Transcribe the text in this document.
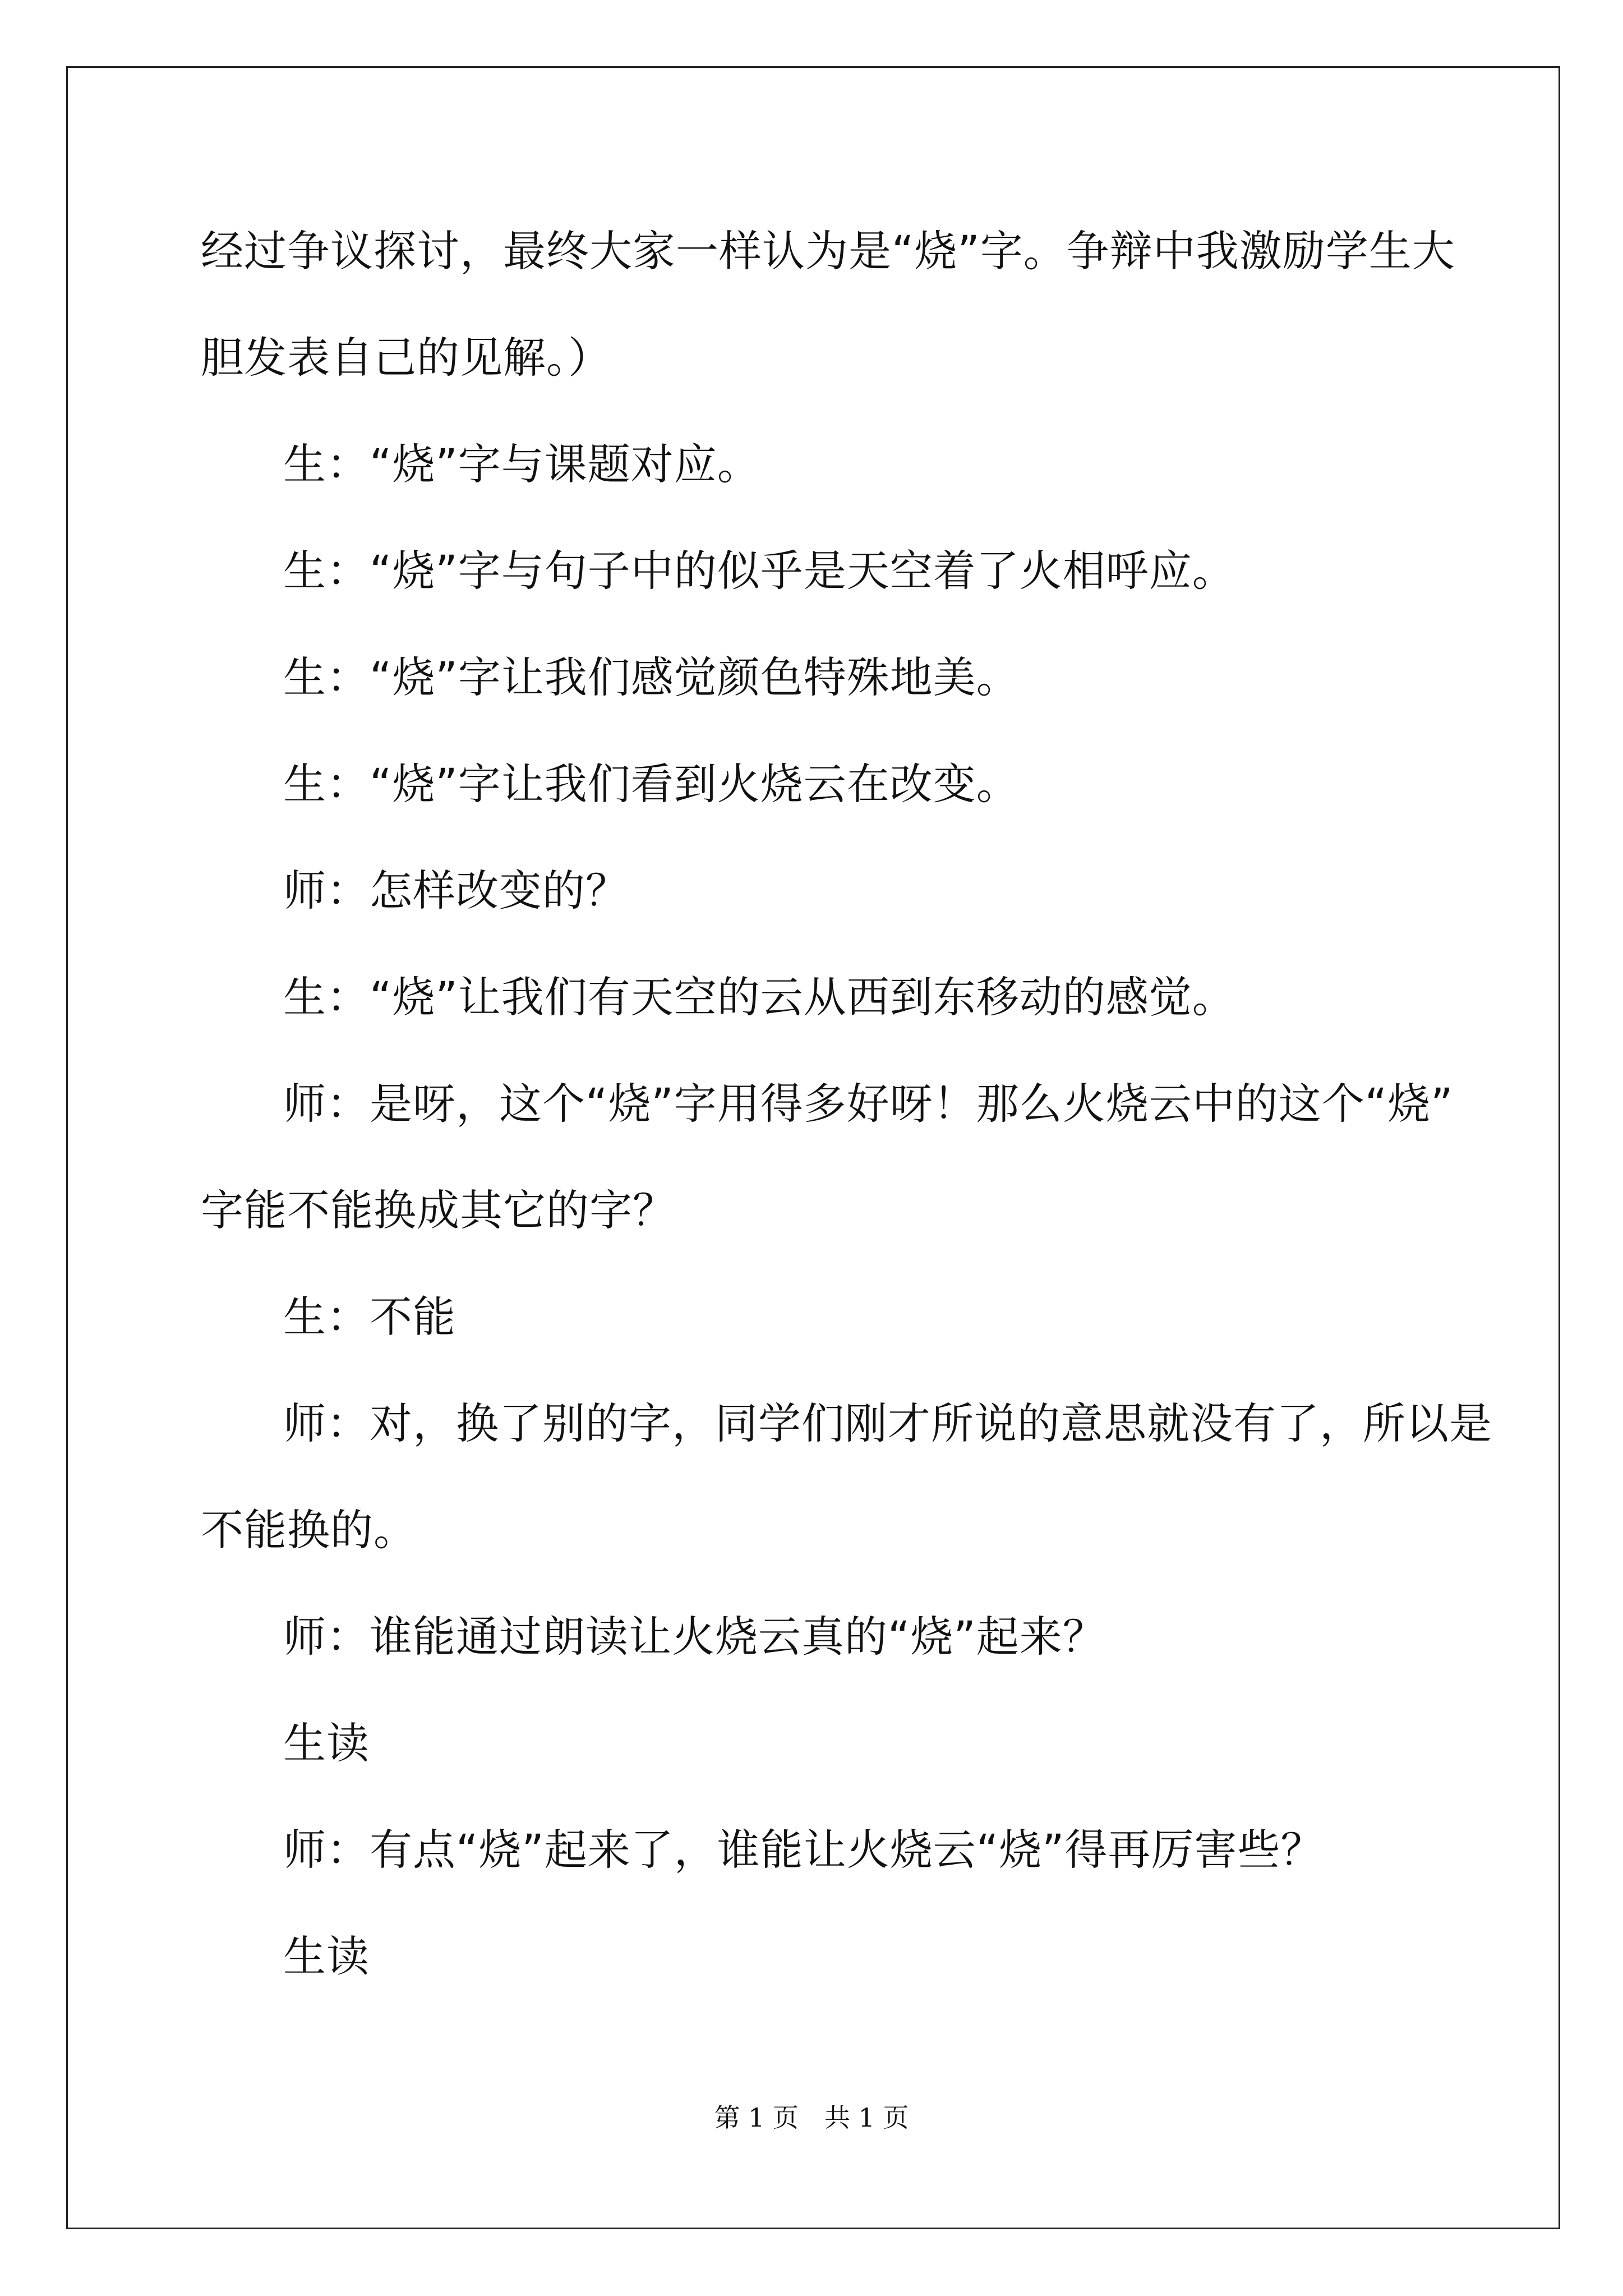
经过争议探讨，最终大家一样认为是“烧”字。争辩中我激励学生大
胆发表自己的见解。）
生：“烧”字与课题对应。
生：“烧”字与句子中的似乎是天空着了火相呼应。
生：“烧”字让我们感觉颜色特殊地美。
生：“烧”字让我们看到火烧云在改变。
师：怎样改变的？
生：“烧”让我们有天空的云从西到东移动的感觉。
师：是呀，这个“烧”字用得多好呀！那么火烧云中的这个“烧”
字能不能换成其它的字？
生：不能
师：对，换了别的字，同学们刚才所说的意思就没有了，所以是
不能换的。
师：谁能通过朗读让火烧云真的“烧”起来？
生读
师：有点“烧”起来了，谁能让火烧云“烧”得再厉害些？
生读
第 1 页　共 1 页
